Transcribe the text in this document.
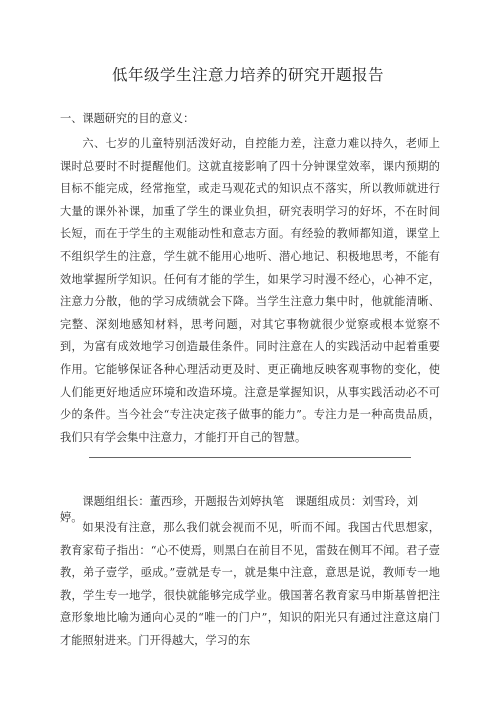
低年级学生注意力培养的研究开题报告
一、课题研究的目的意义：
六、七岁的儿童特别活泼好动，自控能力差，注意力难以持久，老师上课时总要时不时提醒他们。这就直接影响了四十分钟课堂效率，课内预期的目标不能完成，经常拖堂，或走马观花式的知识点不落实，所以教师就进行大量的课外补课，加重了学生的课业负担，研究表明学习的好坏，不在时间长短，而在于学生的主观能动性和意志方面。有经验的教师都知道，课堂上不组织学生的注意，学生就不能用心地听、潜心地记、积极地思考，不能有效地掌握所学知识。任何有才能的学生，如果学习时漫不经心，心神不定，注意力分散，他的学习成绩就会下降。当学生注意力集中时，他就能清晰、完整、深刻地感知材料，思考问题，对其它事物就很少觉察或根本觉察不到，为富有成效地学习创造最佳条件。同时注意在人的实践活动中起着重要作用。它能够保证各种心理活动更及时、更正确地反映客观事物的变化，使人们能更好地适应环境和改造环境。注意是掌握知识，从事实践活动必不可少的条件。当今社会“专注决定孩子做事的能力”。专注力是一种高贵品质，我们只有学会集中注意力，才能打开自己的智慧。
课题组组长：董西珍，开题报告刘婷执笔　课题组成员：刘雪玲，刘婷。
如果没有注意，那么我们就会视而不见，听而不闻。我国古代思想家，教育家荀子指出：“心不使焉，则黑白在前目不见，雷鼓在侧耳不闻。君子壹教，弟子壹学，亟成。”壹就是专一，就是集中注意，意思是说，教师专一地教，学生专一地学，很快就能够完成学业。俄国著名教育家马申斯基曾把注意形象地比喻为通向心灵的“唯一的门户”，知识的阳光只有通过注意这扇门才能照射进来。门开得越大，学习的东
